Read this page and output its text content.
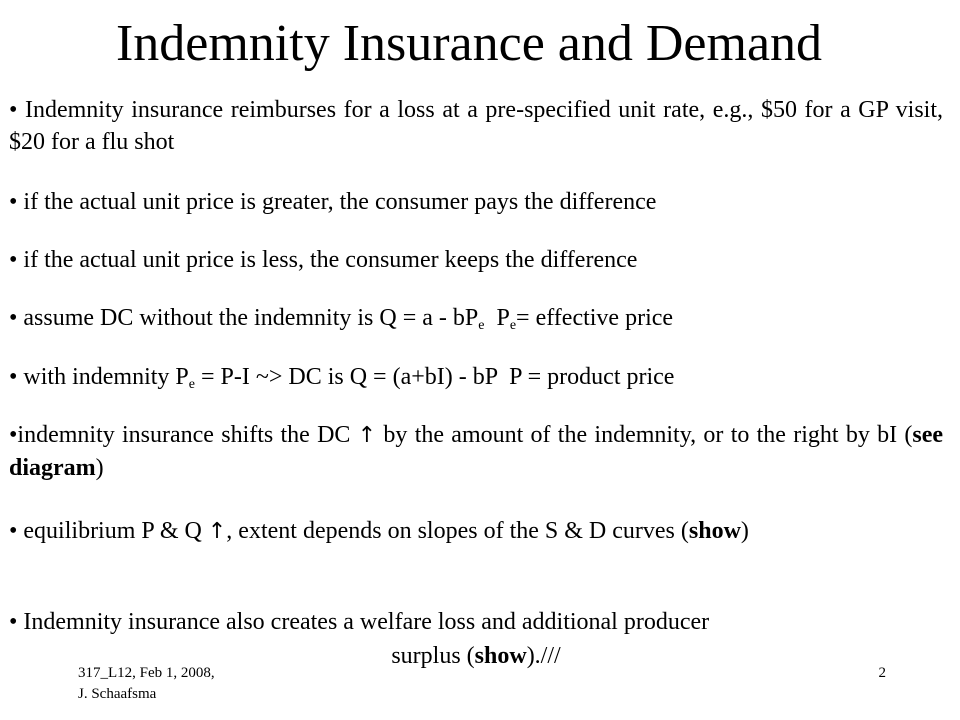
Indemnity Insurance and Demand
• Indemnity insurance reimburses for a loss at a pre-specified unit rate, e.g., $50 for a GP visit, $20 for a flu shot
• if the actual unit price is greater, the consumer pays the difference
• if the actual unit price is less, the consumer keeps the difference
• assume DC without the indemnity is $Q = a - bP_e$  $P_e=$ effective price
• with indemnity $P_e = P-I$ ~> DC is Q = (a+bI) - bP  P = product price
•indemnity insurance shifts the DC ↑ by the amount of the indemnity, or to the right by bI (see diagram)
• equilibrium P & Q ↑, extent depends on slopes of the S & D curves (show)
• Indemnity insurance also creates a welfare loss and additional producer
surplus (show).///
317_L12, Feb 1, 2008,
J. Schaafsma
2
